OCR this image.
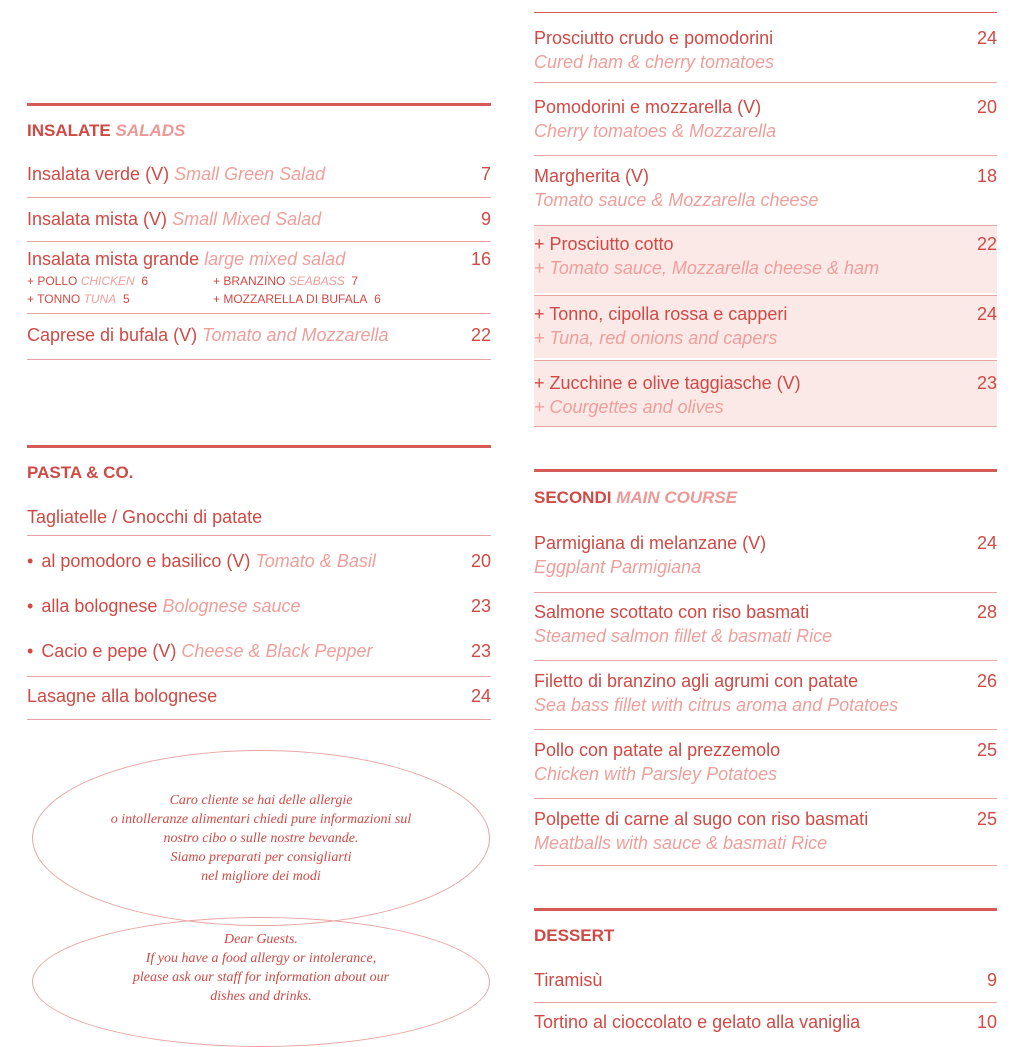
INSALATE SALADS
Insalata verde (V) Small Green Salad	7
Insalata mista (V) Small Mixed Salad	9
Insalata mista grande large mixed salad	16
+ POLLO CHICKEN 6	+ BRANZINO SEABASS 7
+ TONNO TUNA 5	+ MOZZARELLA DI BUFALA 6
Caprese di bufala (V) Tomato and Mozzarella	22
PASTA & CO.
Tagliatelle / Gnocchi di patate
• al pomodoro e basilico (V) Tomato & Basil	20
• alla bolognese Bolognese sauce	23
• Cacio e pepe (V) Cheese & Black Pepper	23
Lasagne alla bolognese	24
Caro cliente se hai delle allergie
o intolleranze alimentari chiedi pure informazioni sul
nostro cibo o sulle nostre bevande.
Siamo preparati per consigliarti
nel migliore dei modi
Dear Guests.
If you have a food allergy or intolerance,
please ask our staff for information about our
dishes and drinks.
Prosciutto crudo e pomodorini	24
Cured ham & cherry tomatoes
Pomodorini e mozzarella (V)	20
Cherry tomatoes & Mozzarella
Margherita (V)	18
Tomato sauce & Mozzarella cheese
+ Prosciutto cotto	22
+ Tomato sauce, Mozzarella cheese & ham
+ Tonno, cipolla rossa e capperi	24
+ Tuna, red onions and capers
+ Zucchine e olive taggiasche (V)	23
+ Courgettes and olives
SECONDI MAIN COURSE
Parmigiana di melanzane (V)	24
Eggplant Parmigiana
Salmone scottato con riso basmati	28
Steamed salmon fillet & basmati Rice
Filetto di branzino agli agrumi con patate	26
Sea bass fillet with citrus aroma and Potatoes
Pollo con patate al prezzemolo	25
Chicken with Parsley Potatoes
Polpette di carne al sugo con riso basmati	25
Meatballs with sauce & basmati Rice
DESSERT
Tiramisù	9
Tortino al cioccolato e gelato alla vaniglia	10
